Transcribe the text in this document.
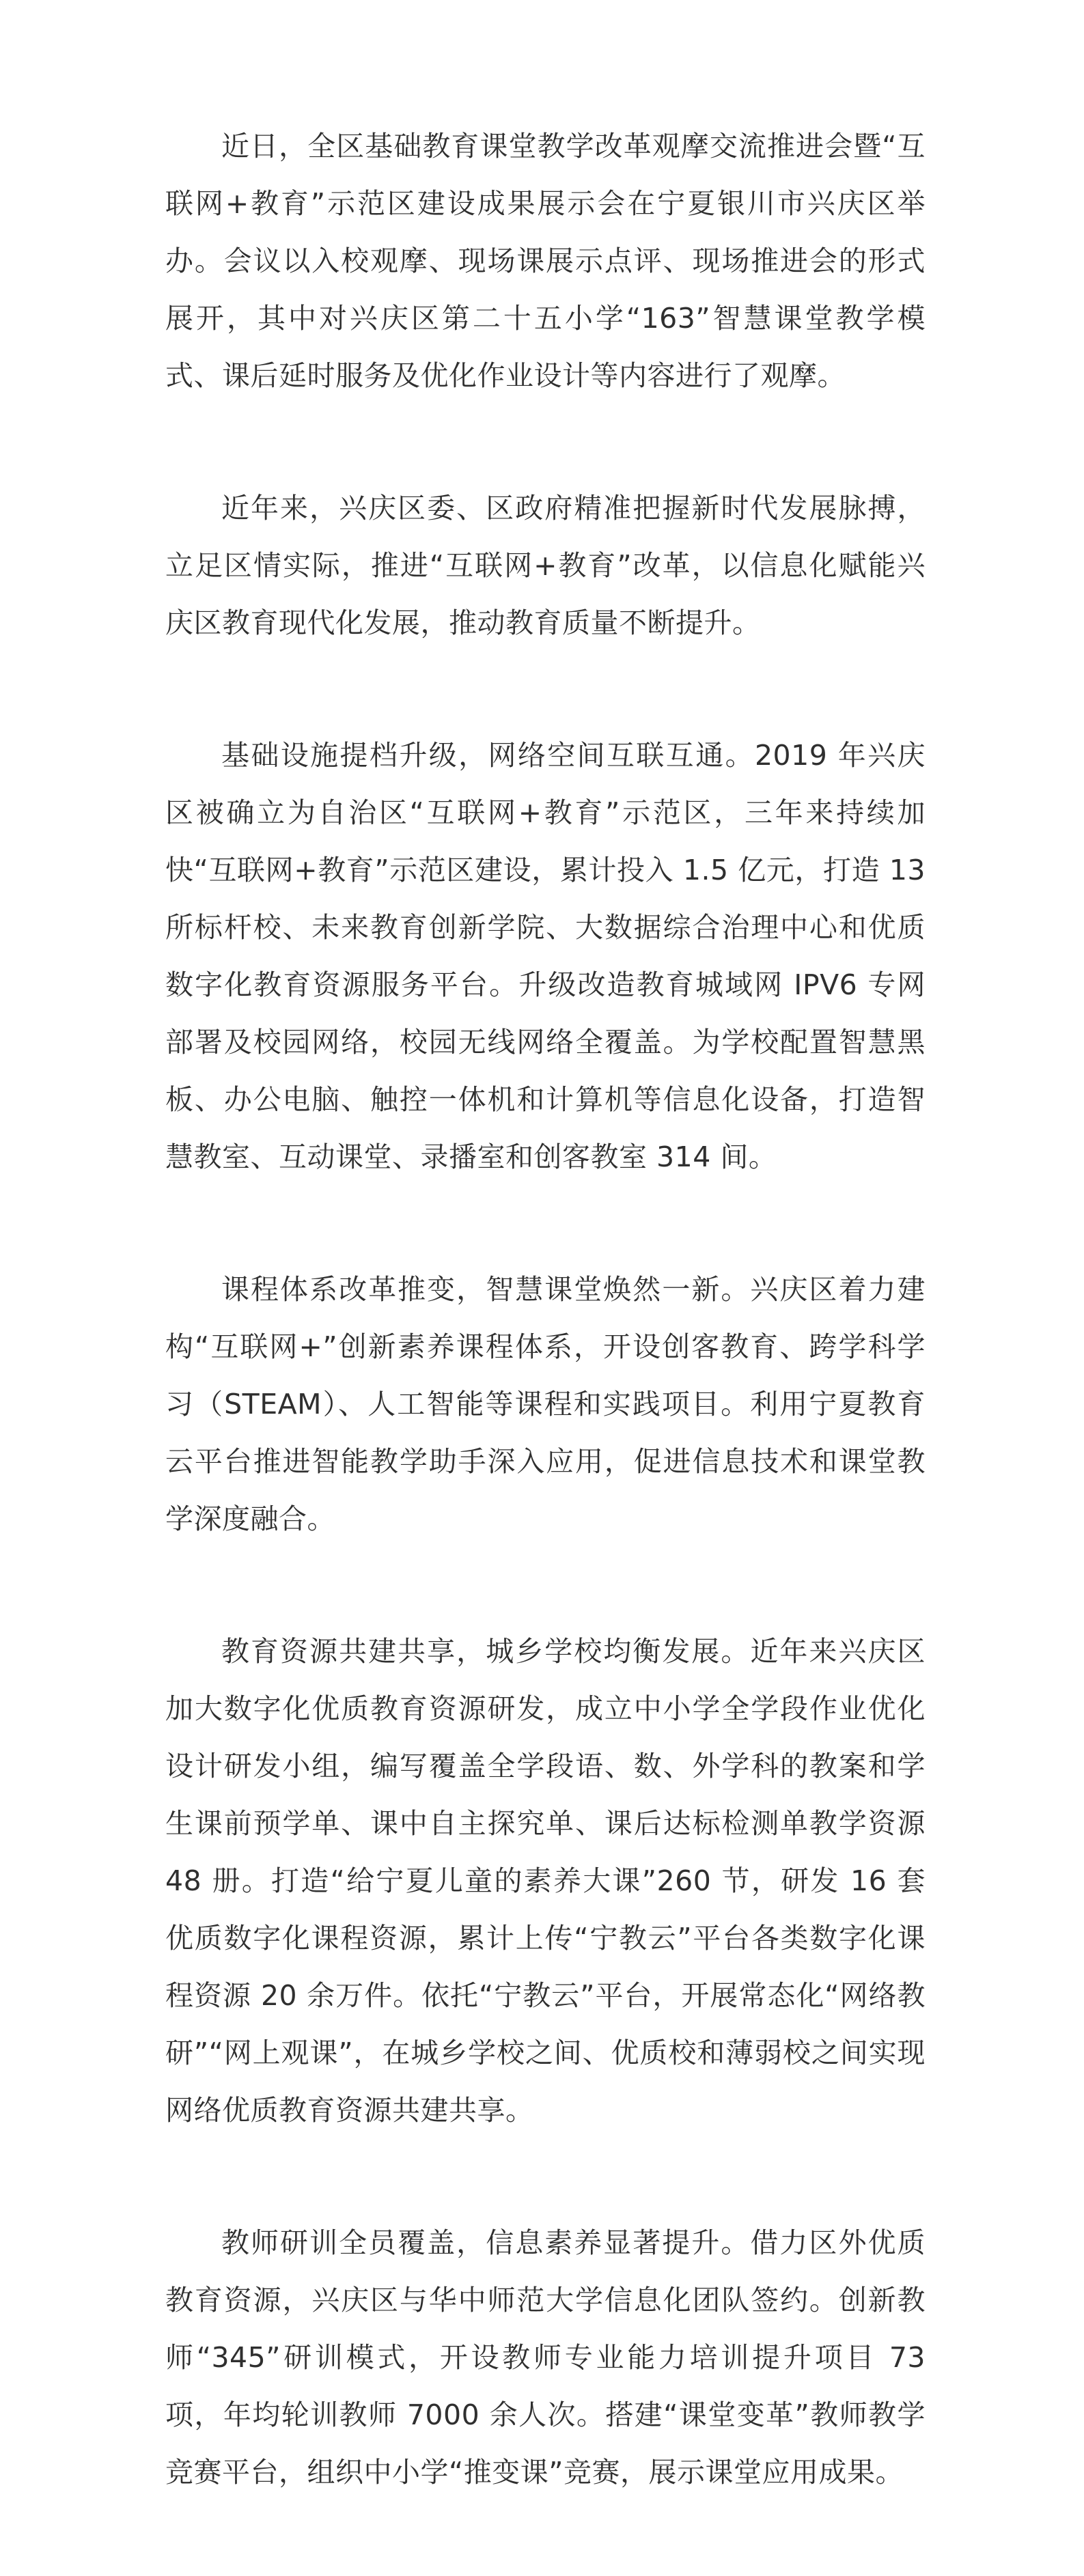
近日，全区基础教育课堂教学改革观摩交流推进会暨“互联网+教育”示范区建设成果展示会在宁夏银川市兴庆区举办。会议以入校观摩、现场课展示点评、现场推进会的形式展开，其中对兴庆区第二十五小学“163”智慧课堂教学模式、课后延时服务及优化作业设计等内容进行了观摩。

近年来，兴庆区委、区政府精准把握新时代发展脉搏，立足区情实际，推进“互联网+教育”改革，以信息化赋能兴庆区教育现代化发展，推动教育质量不断提升。

基础设施提档升级，网络空间互联互通。2019 年兴庆区被确立为自治区“互联网+教育”示范区，三年来持续加快“互联网+教育”示范区建设，累计投入 1.5 亿元，打造 13 所标杆校、未来教育创新学院、大数据综合治理中心和优质数字化教育资源服务平台。升级改造教育城域网 IPV6 专网部署及校园网络，校园无线网络全覆盖。为学校配置智慧黑板、办公电脑、触控一体机和计算机等信息化设备，打造智慧教室、互动课堂、录播室和创客教室 314 间。

课程体系改革推变，智慧课堂焕然一新。兴庆区着力建构“互联网+”创新素养课程体系，开设创客教育、跨学科学习（STEAM）、人工智能等课程和实践项目。利用宁夏教育云平台推进智能教学助手深入应用，促进信息技术和课堂教学深度融合。

教育资源共建共享，城乡学校均衡发展。近年来兴庆区加大数字化优质教育资源研发，成立中小学全学段作业优化设计研发小组，编写覆盖全学段语、数、外学科的教案和学生课前预学单、课中自主探究单、课后达标检测单教学资源 48 册。打造“给宁夏儿童的素养大课”260 节，研发 16 套优质数字化课程资源，累计上传“宁教云”平台各类数字化课程资源 20 余万件。依托“宁教云”平台，开展常态化“网络教研”“网上观课”，在城乡学校之间、优质校和薄弱校之间实现网络优质教育资源共建共享。

教师研训全员覆盖，信息素养显著提升。借力区外优质教育资源，兴庆区与华中师范大学信息化团队签约。创新教师“345”研训模式，开设教师专业能力培训提升项目 73 项，年均轮训教师 7000 余人次。搭建“课堂变革”教师教学竞赛平台，组织中小学“推变课”竞赛，展示课堂应用成果。
